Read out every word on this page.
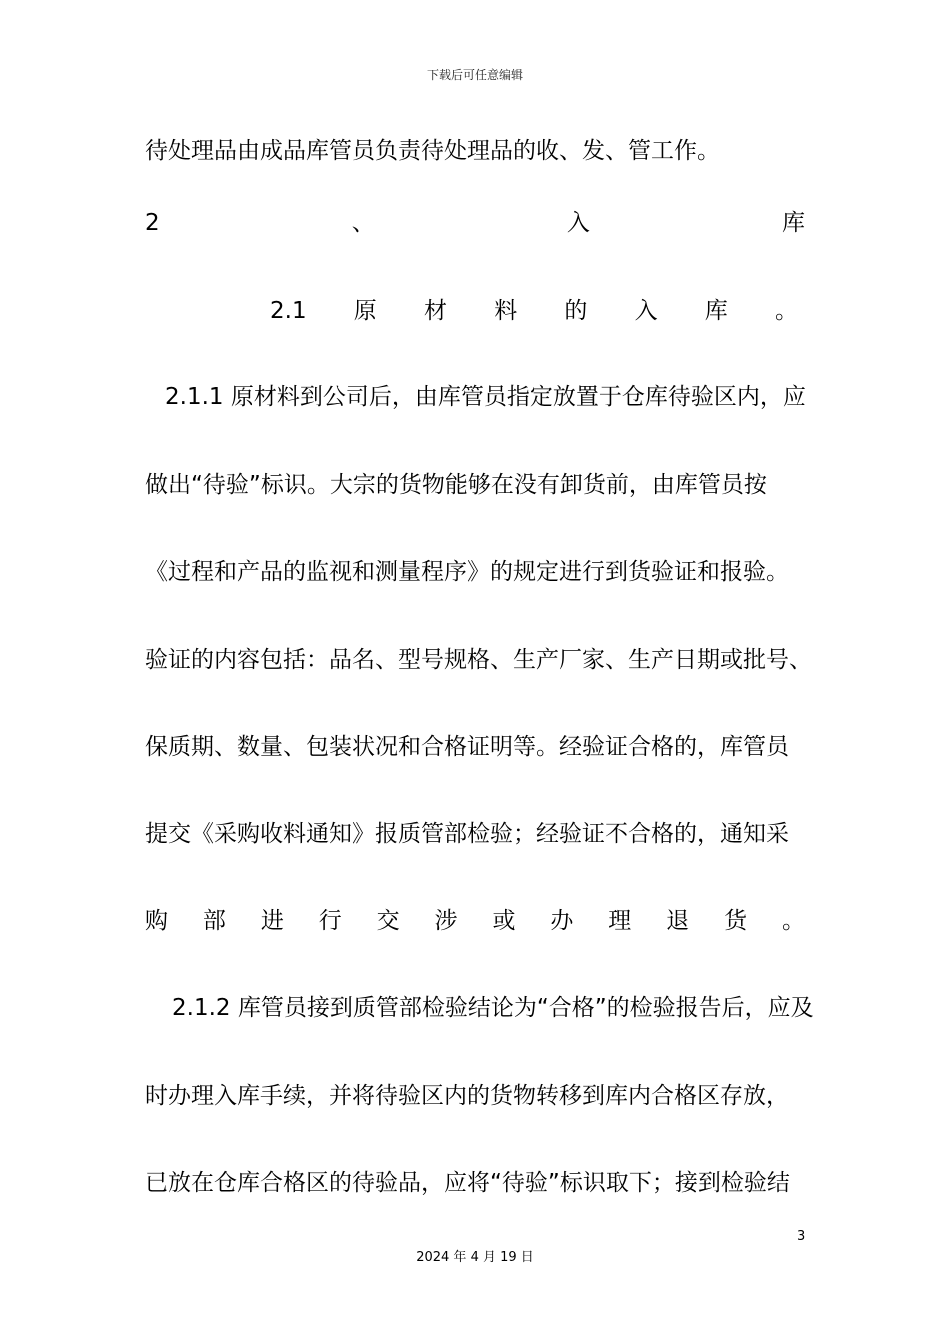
下载后可任意编辑
待处理品由成品库管员负责待处理品的收、发、管工作。
2	、	入	库
2.1 原 材 料 的 入 库 。
2.1.1 原材料到公司后，由库管员指定放置于仓库待验区内，应
做出“待验”标识。大宗的货物能够在没有卸货前，由库管员按
《过程和产品的监视和测量程序》的规定进行到货验证和报验。
验证的内容包括：品名、型号规格、生产厂家、生产日期或批号、
保质期、数量、包装状况和合格证明等。经验证合格的，库管员
提交《采购收料通知》报质管部检验；经验证不合格的，通知采
购 部 进 行 交 涉 或 办 理 退 货 。
2.1.2 库管员接到质管部检验结论为“合格”的检验报告后，应及
时办理入库手续，并将待验区内的货物转移到库内合格区存放，
已放在仓库合格区的待验品，应将“待验”标识取下；接到检验结
3
2024 年 4 月 19 日
